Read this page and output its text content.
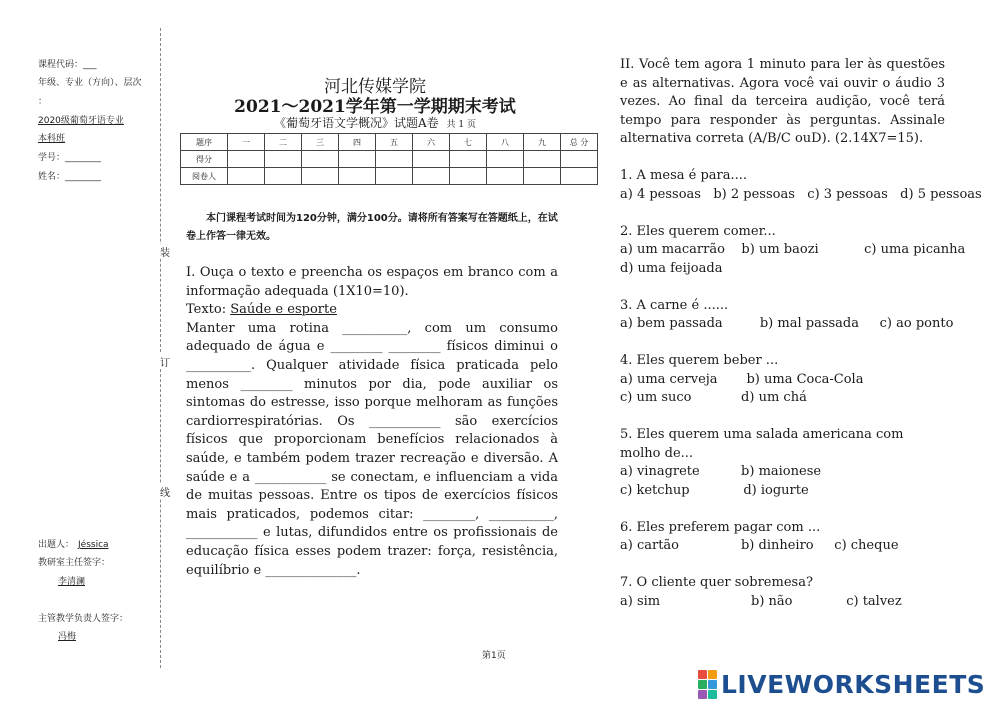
课程代码：___
年级、专业（方向）、层次
：
2020级葡萄牙语专业
本科班
学号：________
姓名：________
装
订
线
出题人： Jéssica
教研室主任签字：
李清澜
主管教学负责人签字：
冯梅
河北传媒学院
2021～2021学年第一学期期末考试
《葡萄牙语文学概况》试题A卷 共 1 页
题序	一	二	三	四	五	六	七	八	九	总 分
得分										
阅卷人										
本门课程考试时间为120分钟，满分100分。请将所有答案写在答题纸上，在试卷上作答一律无效。

I. Ouça o texto e preencha os espaços em branco com a informação adequada (1X10=10).

Texto: Saúde e esporte

Manter uma rotina __________, com um consumo adequado de água e ________ ________ físicos diminui o __________. Qualquer atividade física praticada pelo menos ________ minutos por dia, pode auxiliar os sintomas do estresse, isso porque melhoram as funções cardiorrespiratórias. Os ___________ são exercícios físicos que proporcionam benefícios relacionados à saúde, e também podem trazer recreação e diversão. A saúde e a ___________ se conectam, e influenciam a vida de muitas pessoas. Entre os tipos de exercícios físicos mais praticados, podemos citar: ________, __________, ___________ e lutas, difundidos entre os profissionais de educação física esses podem trazer: força, resistência, equilíbrio e ______________.

II. Você tem agora 1 minuto para ler às questões e as alternativas. Agora você vai ouvir o áudio 3 vezes. Ao final da terceira audição, você terá tempo para responder às perguntas. Assinale alternativa correta (A/B/C ouD). (2.14X7=15).

1. A mesa é para....

a) 4 pessoas   b) 2 pessoas   c) 3 pessoas   d) 5 pessoas

2. Eles querem comer...

a) um macarrão    b) um baozi           c) uma picanha

d) uma feijoada

3. A carne é ......

a) bem passada         b) mal passada     c) ao ponto

4. Eles querem beber ...

a) uma cerveja       b) uma Coca-Cola

c) um suco            d) um chá

5. Eles querem uma salada americana com molho de...

a) vinagrete          b) maionese

c) ketchup             d) iogurte

6. Eles preferem pagar com ...

a) cartão               b) dinheiro     c) cheque

7. O cliente quer sobremesa?

a) sim                      b) não             c) talvez

第1页
LIVEWORKSHEETS
